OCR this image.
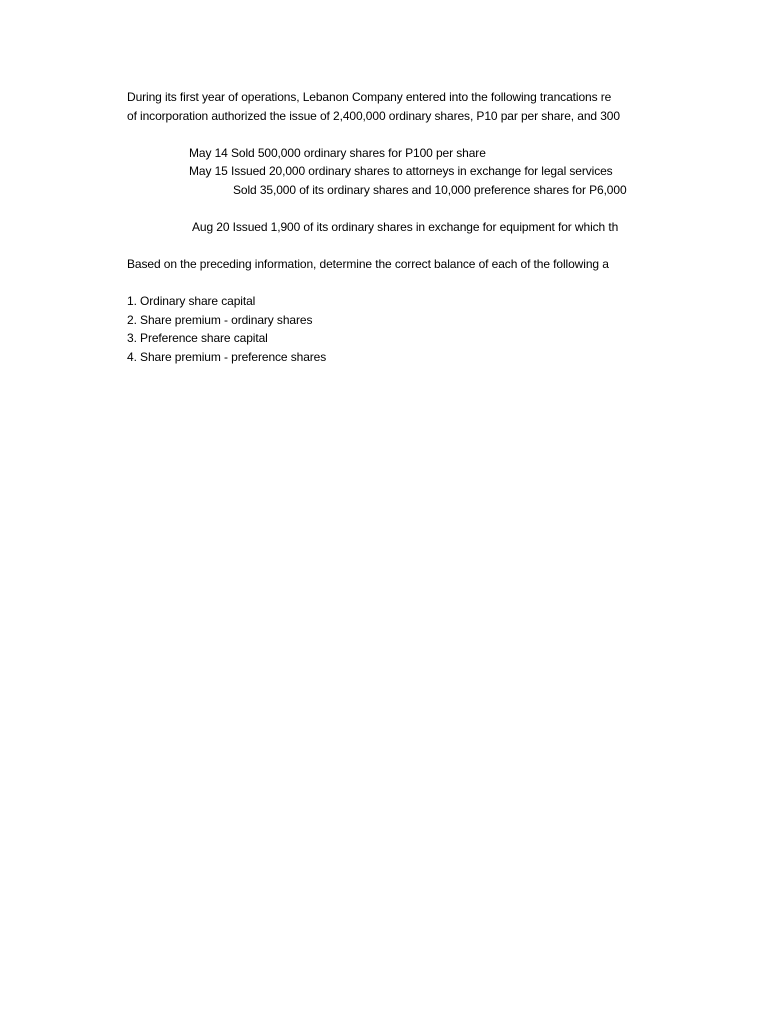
During its first year of operations, Lebanon Company entered into the following trancations re
of incorporation authorized the issue of 2,400,000 ordinary shares, P10 par per share, and 300
May 14 Sold 500,000 ordinary shares for P100 per share
May 15 Issued 20,000 ordinary shares to attorneys in exchange for legal services
Sold 35,000 of its ordinary shares and 10,000 preference shares for P6,000
Aug 20 Issued 1,900 of its ordinary shares in exchange for equipment for which th
Based on the preceding information, determine the correct balance of each of the following a
1. Ordinary share capital
2. Share premium - ordinary shares
3. Preference share capital
4. Share premium - preference shares
